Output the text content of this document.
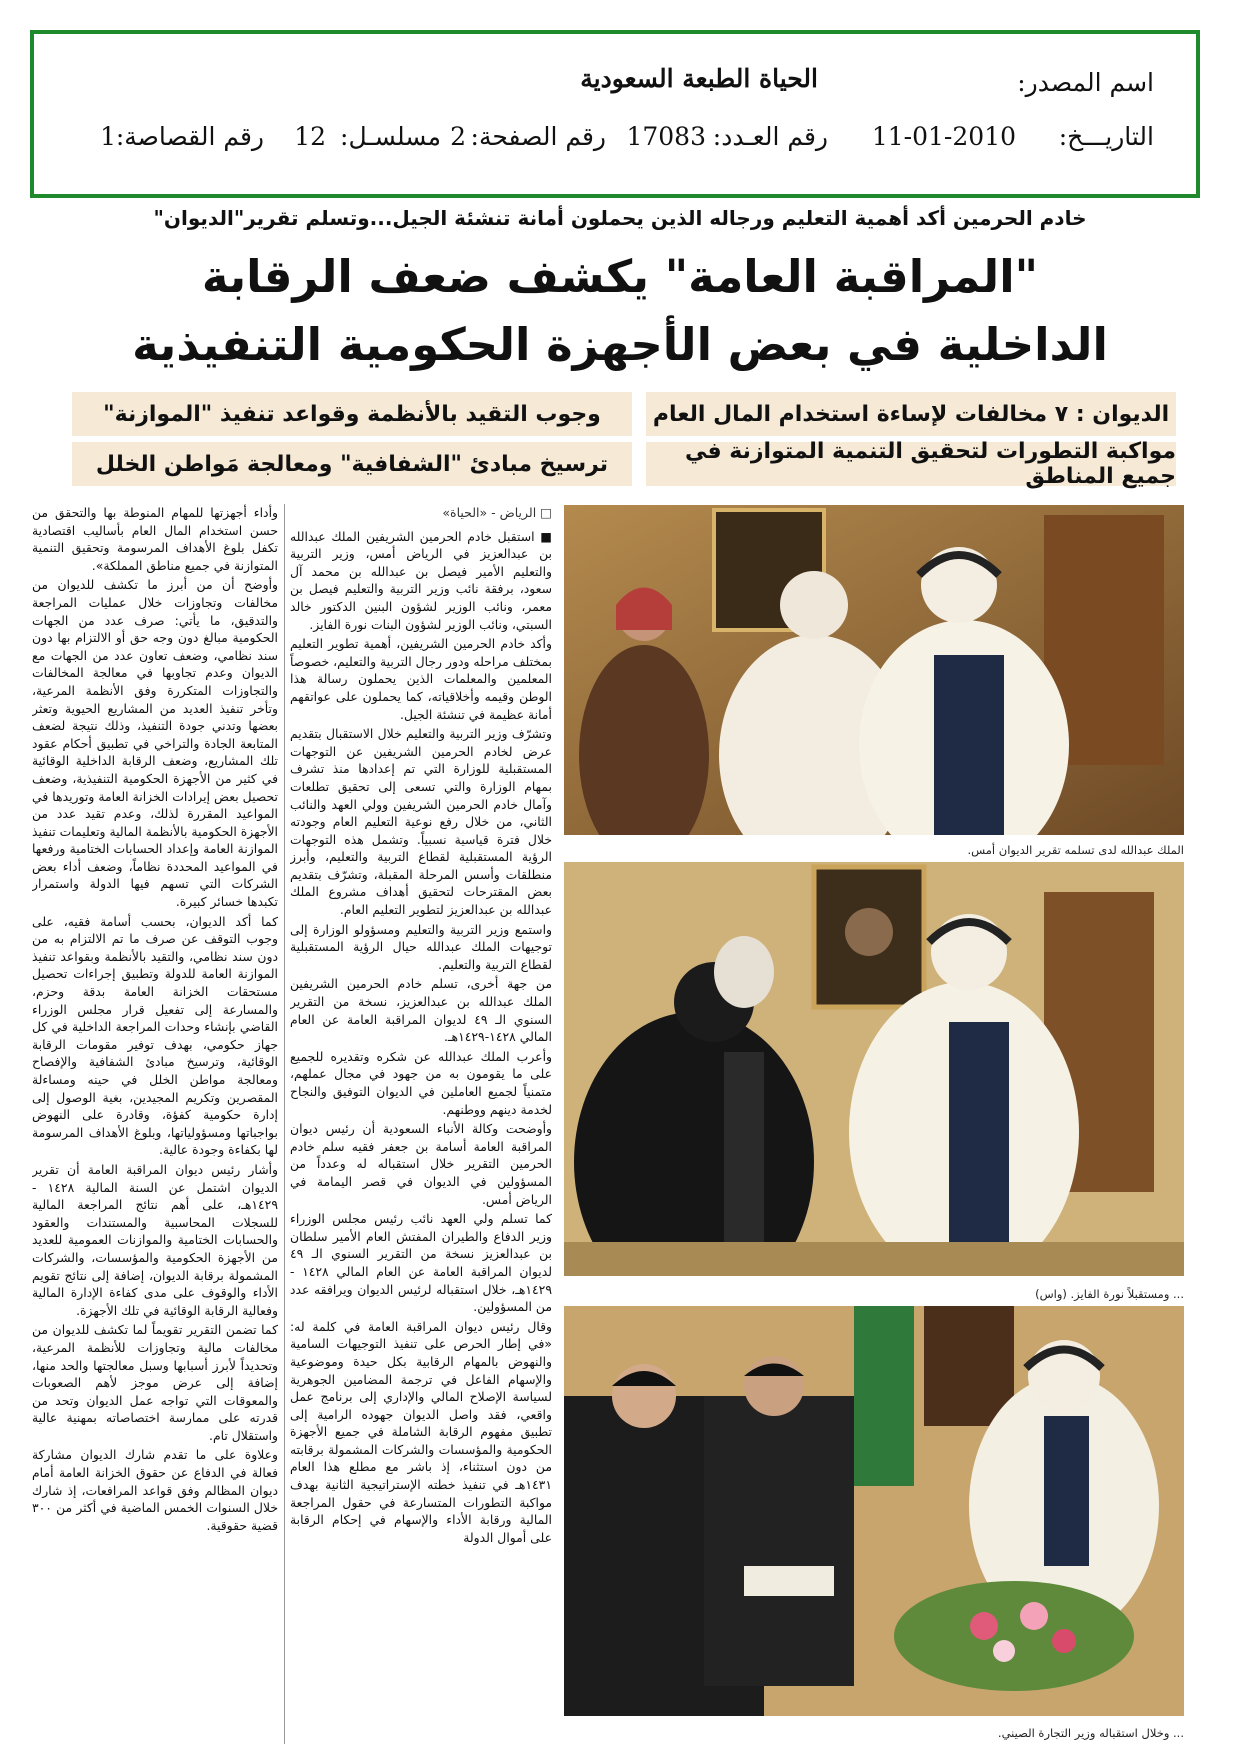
اسم المصدر:
الحياة الطبعة السعودية
التاريـــخ:
11-01-2010
رقم العـدد:
17083
رقم الصفحة:
2
مسلسـل:
12
رقم القصاصة:
1
خادم الحرمين أكد أهمية التعليم ورجاله الذين يحملون أمانة تنشئة الجيل...وتسلم تقرير"الديوان"
"المراقبة العامة" يكشف ضعف الرقابة
الداخلية في بعض الأجهزة الحكومية التنفيذية
الديوان : ٧ مخالفات لإساءة استخدام المال العام
وجوب التقيد بالأنظمة وقواعد تنفيذ "الموازنة"
مواكبة التطورات لتحقيق التنمية المتوازنة في جميع المناطق
ترسيخ مبادئ "الشفافية" ومعالجة مَواطن الخلل
□ الرياض - «الحياة»

■ استقبل خادم الحرمين الشريفين الملك عبدالله بن عبدالعزيز في الرياض أمس، وزير التربية والتعليم الأمير فيصل بن عبدالله بن محمد آل سعود، برفقة نائب وزير التربية والتعليم فيصل بن معمر، ونائب الوزير لشؤون البنين الدكتور خالد السبتي، ونائب الوزير لشؤون البنات نورة الفايز.

وأكد خادم الحرمين الشريفين، أهمية تطوير التعليم بمختلف مراحله ودور رجال التربية والتعليم، خصوصاً المعلمين والمعلمات الذين يحملون رسالة هذا الوطن وقيمه وأخلاقياته، كما يحملون على عواتقهم أمانة عظيمة في تنشئة الجيل.

وتشرّف وزير التربية والتعليم خلال الاستقبال بتقديم عرض لخادم الحرمين الشريفين عن التوجهات المستقبلية للوزارة التي تم إعدادها منذ تشرف بمهام الوزارة والتي تسعى إلى تحقيق تطلعات وآمال خادم الحرمين الشريفين وولي العهد والنائب الثاني، من خلال رفع نوعية التعليم العام وجودته خلال فترة قياسية نسبياً. وتشمل هذه التوجهات الرؤية المستقبلية لقطاع التربية والتعليم، وأبرز منطلقات وأسس المرحلة المقبلة، وتشرّف بتقديم بعض المقترحات لتحقيق أهداف مشروع الملك عبدالله بن عبدالعزيز لتطوير التعليم العام.

واستمع وزير التربية والتعليم ومسؤولو الوزارة إلى توجيهات الملك عبدالله حيال الرؤية المستقبلية لقطاع التربية والتعليم.

من جهة أخرى، تسلم خادم الحرمين الشريفين الملك عبدالله بن عبدالعزيز، نسخة من التقرير السنوي الـ ٤٩ لديوان المراقبة العامة عن العام المالي ١٤٢٨-١٤٢٩هـ.

وأعرب الملك عبدالله عن شكره وتقديره للجميع على ما يقومون به من جهود في مجال عملهم، متمنياً لجميع العاملين في الديوان التوفيق والنجاح لخدمة دينهم ووطنهم.

وأوضحت وكالة الأنباء السعودية أن رئيس ديوان المراقبة العامة أسامة بن جعفر فقيه سلم خادم الحرمين التقرير خلال استقباله له وعدداً من المسؤولين في الديوان في قصر اليمامة في الرياض أمس.

كما تسلم ولي العهد نائب رئيس مجلس الوزراء وزير الدفاع والطيران المفتش العام الأمير سلطان بن عبدالعزيز نسخة من التقرير السنوي الـ ٤٩ لديوان المراقبة العامة عن العام المالي ١٤٢٨ - ١٤٢٩هـ، خلال استقباله لرئيس الديوان ويرافقه عدد من المسؤولين.

وقال رئيس ديوان المراقبة العامة في كلمة له: «في إطار الحرص على تنفيذ التوجيهات السامية والنهوض بالمهام الرقابية بكل حيدة وموضوعية والإسهام الفاعل في ترجمة المضامين الجوهرية لسياسة الإصلاح المالي والإداري إلى برنامج عمل واقعي، فقد واصل الديوان جهوده الرامية إلى تطبيق مفهوم الرقابة الشاملة في جميع الأجهزة الحكومية والمؤسسات والشركات المشمولة برقابته من دون استثناء، إذ باشر مع مطلع هذا العام ١٤٣١هـ في تنفيذ خطته الإستراتيجية الثانية بهدف مواكبة التطورات المتسارعة في حقول المراجعة المالية ورقابة الأداء والإسهام في إحكام الرقابة على أموال الدولة

وأداء أجهزتها للمهام المنوطة بها والتحقق من حسن استخدام المال العام بأساليب اقتصادية تكفل بلوغ الأهداف المرسومة وتحقيق التنمية المتوازنة في جميع مناطق المملكة».

وأوضح أن من أبرز ما تكشف للديوان من مخالفات وتجاوزات خلال عمليات المراجعة والتدقيق، ما يأتي: صرف عدد من الجهات الحكومية مبالغ دون وجه حق أو الالتزام بها دون سند نظامي، وضعف تعاون عدد من الجهات مع الديوان وعدم تجاوبها في معالجة المخالفات والتجاوزات المتكررة وفق الأنظمة المرعية، وتأخر تنفيذ العديد من المشاريع الحيوية وتعثر بعضها وتدني جودة التنفيذ، وذلك نتيجة لضعف المتابعة الجادة والتراخي في تطبيق أحكام عقود تلك المشاريع، وضعف الرقابة الداخلية الوقائية في كثير من الأجهزة الحكومية التنفيذية، وضعف تحصيل بعض إيرادات الخزانة العامة وتوريدها في المواعيد المقررة لذلك، وعدم تقيد عدد من الأجهزة الحكومية بالأنظمة المالية وتعليمات تنفيذ الموازنة العامة وإعداد الحسابات الختامية ورفعها في المواعيد المحددة نظاماً، وضعف أداء بعض الشركات التي تسهم فيها الدولة واستمرار تكبدها خسائر كبيرة.

كما أكد الديوان، بحسب أسامة فقيه، على وجوب التوقف عن صرف ما تم الالتزام به من دون سند نظامي، والتقيد بالأنظمة وبقواعد تنفيذ الموازنة العامة للدولة وتطبيق إجراءات تحصيل مستحقات الخزانة العامة بدقة وحزم، والمسارعة إلى تفعيل قرار مجلس الوزراء القاضي بإنشاء وحدات المراجعة الداخلية في كل جهاز حكومي، بهدف توفير مقومات الرقابة الوقائية، وترسيخ مبادئ الشفافية والإفصاح ومعالجة مواطن الخلل في حينه ومساءلة المقصرين وتكريم المجيدين، بغية الوصول إلى إدارة حكومية كفؤة، وقادرة على النهوض بواجباتها ومسؤولياتها، وبلوغ الأهداف المرسومة لها بكفاءة وجودة عالية.

وأشار رئيس ديوان المراقبة العامة أن تقرير الديوان اشتمل عن السنة المالية ١٤٢٨ - ١٤٢٩هـ، على أهم نتائج المراجعة المالية للسجلات المحاسبية والمستندات والعقود والحسابات الختامية والموازنات العمومية للعديد من الأجهزة الحكومية والمؤسسات، والشركات المشمولة برقابة الديوان، إضافة إلى نتائج تقويم الأداء والوقوف على مدى كفاءة الإدارة المالية وفعالية الرقابة الوقائية في تلك الأجهزة.

كما تضمن التقرير تقويماً لما تكشف للديوان من مخالفات مالية وتجاوزات للأنظمة المرعية، وتحديداً لأبرز أسبابها وسبل معالجتها والحد منها، إضافة إلى عرض موجز لأهم الصعوبات والمعوقات التي تواجه عمل الديوان وتحد من قدرته على ممارسة اختصاصاته بمهنية عالية واستقلال تام.

وعلاوة على ما تقدم شارك الديوان مشاركة فعالة في الدفاع عن حقوق الخزانة العامة أمام ديوان المظالم وفق قواعد المرافعات، إذ شارك خلال السنوات الخمس الماضية في أكثر من ٣٠٠ قضية حقوقية.

الملك عبدالله لدى تسلمه تقرير الديوان أمس.
... ومستقبلاً نورة الفايز. (واس)
... وخلال استقباله وزير التجارة الصيني.
